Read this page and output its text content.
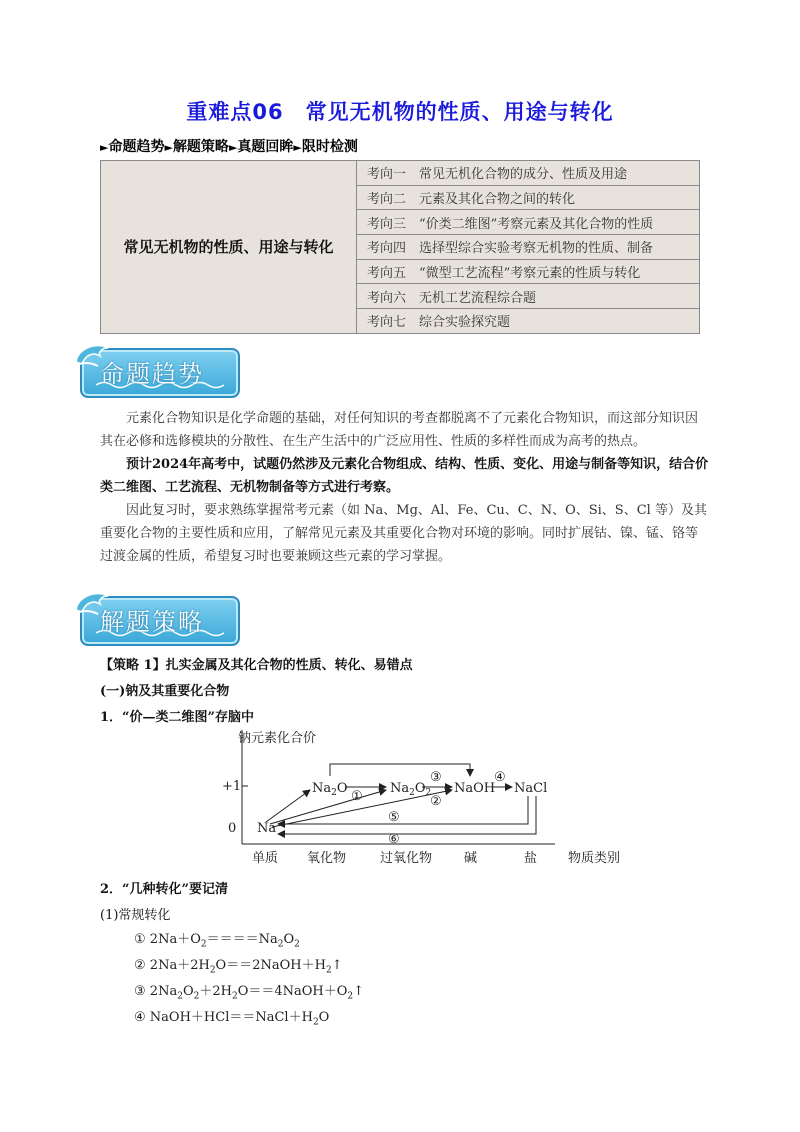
重难点06　常见无机物的性质、用途与转化
►命题趋势►解题策略►真题回眸►限时检测
常见无机物的性质、用途与转化	考向一　常见无机化合物的成分、性质及用途
考向二　元素及其化合物之间的转化
考向三　“价类二维图”考察元素及其化合物的性质
考向四　选择型综合实验考察无机物的性质、制备
考向五　“微型工艺流程”考察元素的性质与转化
考向六　无机工艺流程综合题
考向七　综合实验探究题
命题趋势

元素化合物知识是化学命题的基础，对任何知识的考查都脱离不了元素化合物知识，而这部分知识因其在必修和选修模块的分散性、在生产生活中的广泛应用性、性质的多样性而成为高考的热点。

预计2024年高考中，试题仍然涉及元素化合物组成、结构、性质、变化、用途与制备等知识，结合价类二维图、工艺流程、无机物制备等方式进行考察。

因此复习时，要求熟练掌握常考元素（如 Na、Mg、Al、Fe、Cu、C、N、O、Si、S、Cl 等）及其重要化合物的主要性质和应用，了解常见元素及其重要化合物对环境的影响。同时扩展钴、镍、锰、铬等过渡金属的性质，希望复习时也要兼顾这些元素的学习掌握。

解题策略
【策略 1】扎实金属及其化合物的性质、转化、易错点
(一)钠及其重要化合物
1．“价—类二维图”存脑中
钠元素化合价
+1
0
单质 氧化物	过氧化物 碱	盐 物质类别
Na
$Na_2O$	$Na_2O_2$ NaOH NaCl
①	②
③	④
⑤
⑥
2．“几种转化”要记清
(1)常规转化
① $2Na+O_2====Na_2O_2$
② $2Na+2H_2O==2NaOH+H_2↑$
③ $2Na_2O_2+2H_2O==4NaOH+O_2↑$
④ $NaOH+HCl==NaCl+H_2O$
